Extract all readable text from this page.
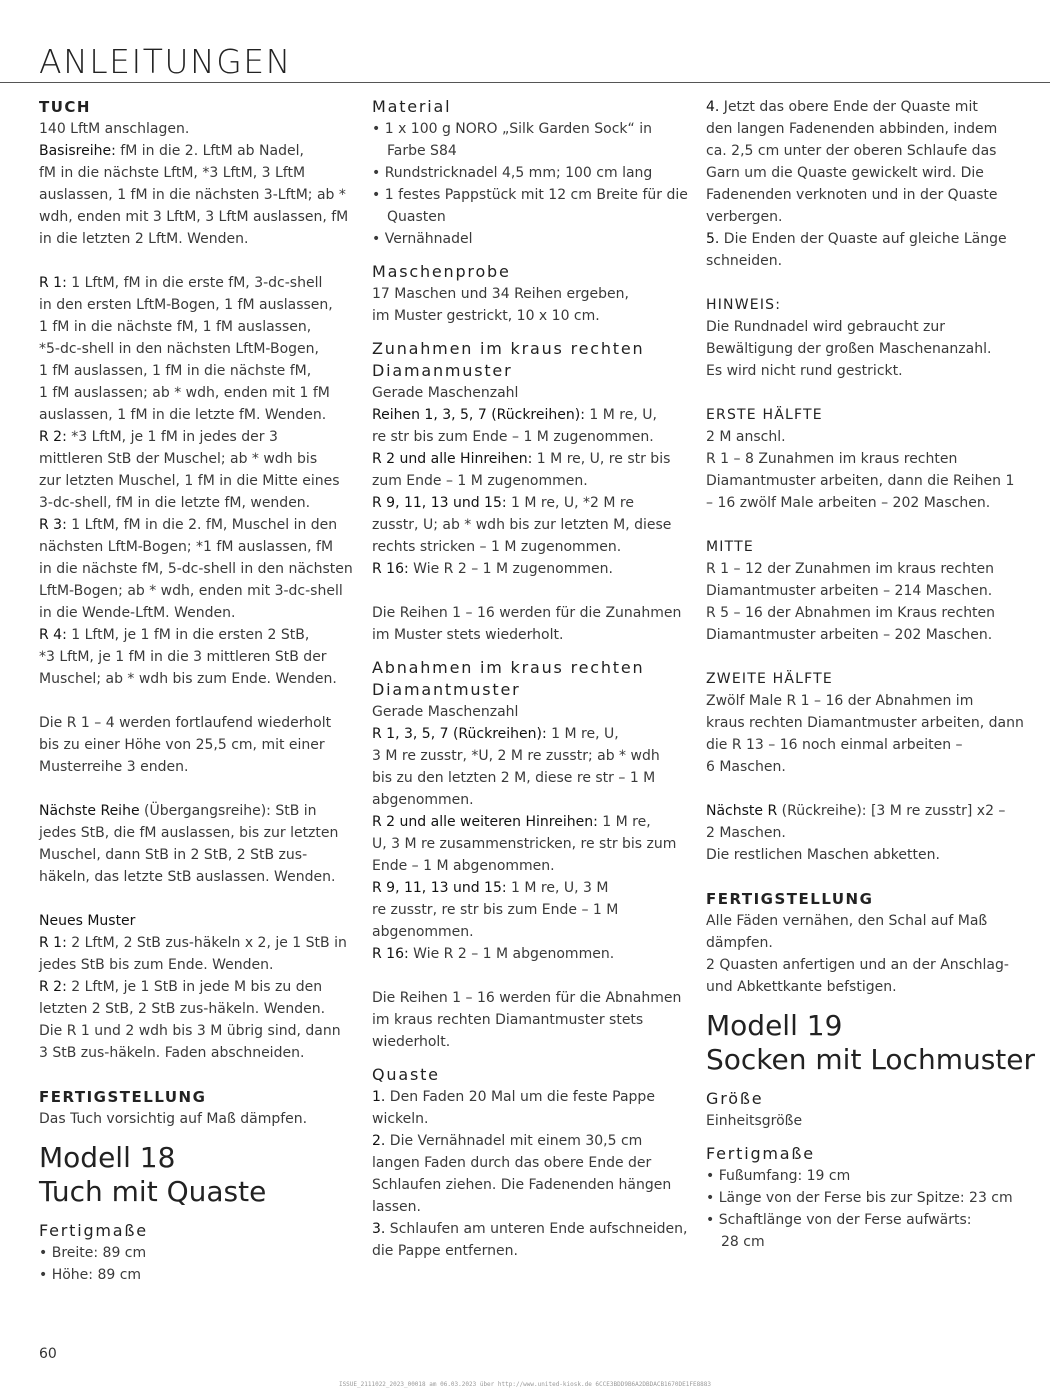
ANLEITUNGEN
TUCH
140 LftM anschlagen.
Basisreihe: fM in die 2. LftM ab Nadel,
fM in die nächste LftM, *3 LftM, 3 LftM
auslassen, 1 fM in die nächsten 3-LftM; ab *
wdh, enden mit 3 LftM, 3 LftM auslassen, fM
in die letzten 2 LftM. Wenden.
R 1: 1 LftM, fM in die erste fM, 3-dc-shell
in den ersten LftM-Bogen, 1 fM auslassen,
1 fM in die nächste fM, 1 fM auslassen,
*5-dc-shell in den nächsten LftM-Bogen,
1 fM auslassen, 1 fM in die nächste fM,
1 fM auslassen; ab * wdh, enden mit 1 fM
auslassen, 1 fM in die letzte fM. Wenden.
R 2: *3 LftM, je 1 fM in jedes der 3
mittleren StB der Muschel; ab * wdh bis
zur letzten Muschel, 1 fM in die Mitte eines
3-dc-shell, fM in die letzte fM, wenden.
R 3: 1 LftM, fM in die 2. fM, Muschel in den
nächsten LftM-Bogen; *1 fM auslassen, fM
in die nächste fM, 5-dc-shell in den nächsten
LftM-Bogen; ab * wdh, enden mit 3-dc-shell
in die Wende-LftM. Wenden.
R 4: 1 LftM, je 1 fM in die ersten 2 StB,
*3 LftM, je 1 fM in die 3 mittleren StB der
Muschel; ab * wdh bis zum Ende. Wenden.
Die R 1 – 4 werden fortlaufend wiederholt
bis zu einer Höhe von 25,5 cm, mit einer
Musterreihe 3 enden.
Nächste Reihe (Übergangsreihe): StB in
jedes StB, die fM auslassen, bis zur letzten
Muschel, dann StB in 2 StB, 2 StB zus-
häkeln, das letzte StB auslassen. Wenden.
Neues Muster
R 1: 2 LftM, 2 StB zus-häkeln x 2, je 1 StB in
jedes StB bis zum Ende. Wenden.
R 2: 2 LftM, je 1 StB in jede M bis zu den
letzten 2 StB, 2 StB zus-häkeln. Wenden.
Die R 1 und 2 wdh bis 3 M übrig sind, dann
3 StB zus-häkeln. Faden abschneiden.
FERTIGSTELLUNG
Das Tuch vorsichtig auf Maß dämpfen.
Modell 18
Tuch mit Quaste
Fertigmaße
• Breite: 89 cm
• Höhe: 89 cm
Material
• 1 x 100 g NORO „Silk Garden Sock“ in
Farbe S84
• Rundstricknadel 4,5 mm; 100 cm lang
• 1 festes Pappstück mit 12 cm Breite für die
Quasten
• Vernähnadel
Maschenprobe
17 Maschen und 34 Reihen ergeben,
im Muster gestrickt, 10 x 10 cm.
Zunahmen im kraus rechten
Diamanmuster
Gerade Maschenzahl
Reihen 1, 3, 5, 7 (Rückreihen): 1 M re, U,
re str bis zum Ende – 1 M zugenommen.
R 2 und alle Hinreihen: 1 M re, U, re str bis
zum Ende – 1 M zugenommen.
R 9, 11, 13 und 15: 1 M re, U, *2 M re
zusstr, U; ab * wdh bis zur letzten M, diese
rechts stricken – 1 M zugenommen.
R 16: Wie R 2 – 1 M zugenommen.
Die Reihen 1 – 16 werden für die Zunahmen
im Muster stets wiederholt.
Abnahmen im kraus rechten
Diamantmuster
Gerade Maschenzahl
R 1, 3, 5, 7 (Rückreihen): 1 M re, U,
3 M re zusstr, *U, 2 M re zusstr; ab * wdh
bis zu den letzten 2 M, diese re str – 1 M
abgenommen.
R 2 und alle weiteren Hinreihen: 1 M re,
U, 3 M re zusammenstricken, re str bis zum
Ende – 1 M abgenommen.
R 9, 11, 13 und 15: 1 M re, U, 3 M
re zusstr, re str bis zum Ende – 1 M
abgenommen.
R 16: Wie R 2 – 1 M abgenommen.
Die Reihen 1 – 16 werden für die Abnahmen
im kraus rechten Diamantmuster stets
wiederholt.
Quaste
1. Den Faden 20 Mal um die feste Pappe
wickeln.
2. Die Vernähnadel mit einem 30,5 cm
langen Faden durch das obere Ende der
Schlaufen ziehen. Die Fadenenden hängen
lassen.
3. Schlaufen am unteren Ende aufschneiden,
die Pappe entfernen.
4. Jetzt das obere Ende der Quaste mit
den langen Fadenenden abbinden, indem
ca. 2,5 cm unter der oberen Schlaufe das
Garn um die Quaste gewickelt wird. Die
Fadenenden verknoten und in der Quaste
verbergen.
5. Die Enden der Quaste auf gleiche Länge
schneiden.
HINWEIS:
Die Rundnadel wird gebraucht zur
Bewältigung der großen Maschenanzahl.
Es wird nicht rund gestrickt.
ERSTE HÄLFTE
2 M anschl.
R 1 – 8 Zunahmen im kraus rechten
Diamantmuster arbeiten, dann die Reihen 1
– 16 zwölf Male arbeiten – 202 Maschen.
MITTE
R 1 – 12 der Zunahmen im kraus rechten
Diamantmuster arbeiten – 214 Maschen.
R 5 – 16 der Abnahmen im Kraus rechten
Diamantmuster arbeiten – 202 Maschen.
ZWEITE HÄLFTE
Zwölf Male R 1 – 16 der Abnahmen im
kraus rechten Diamantmuster arbeiten, dann
die R 13 – 16 noch einmal arbeiten –
6 Maschen.
Nächste R (Rückreihe): [3 M re zusstr] x2 –
2 Maschen.
Die restlichen Maschen abketten.
FERTIGSTELLUNG
Alle Fäden vernähen, den Schal auf Maß
dämpfen.
2 Quasten anfertigen und an der Anschlag-
und Abkettkante befstigen.
Modell 19
Socken mit Lochmuster
Größe
Einheitsgröße
Fertigmaße
• Fußumfang: 19 cm
• Länge von der Ferse bis zur Spitze: 23 cm
• Schaftlänge von der Ferse aufwärts:
28 cm
60
ISSUE_2111022_2023_00018 am 06.03.2023 über http://www.united-kiosk.de 6CCE3BDD9B6A2DBDACB1670DE1FE8883
